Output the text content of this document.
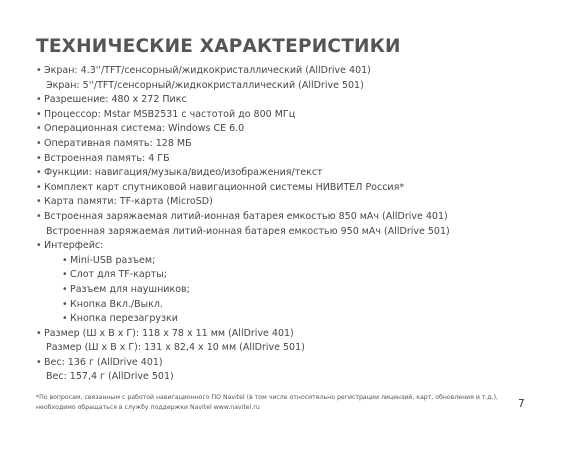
ТЕХНИЧЕСКИЕ ХАРАКТЕРИСТИКИ
• Экран: 4.3''/TFT/сенсорный/жидкокристаллический (AllDrive 401)
Экран: 5''/TFT/сенсорный/жидкокристаллический (AllDrive 501)
• Разрешение: 480 х 272 Пикс
• Процессор: Mstar MSB2531 с частотой до 800 МГц
• Операционная система: Windows CE 6.0
• Оперативная память: 128 МБ
• Встроенная память: 4 ГБ
• Функции: навигация/музыка/видео/изображения/текст
• Комплект карт спутниковой навигационной системы НИВИТЕЛ Россия*
• Карта памяти: TF-карта (MicroSD)
• Встроенная заряжаемая литий-ионная батарея емкостью 850 мАч (AllDrive 401)
Встроенная заряжаемая литий-ионная батарея емкостью 950 мАч (AllDrive 501)
• Интерфейс:
• Mini-USB разъем;
• Слот для TF-карты;
• Разъем для наушников;
• Кнопка Вкл./Выкл.
• Кнопка перезагрузки
• Размер (Ш х В х Г): 118 х 78 х 11 мм (AllDrive 401)
Размер (Ш х В х Г): 131 х 82,4 х 10 мм (AllDrive 501)
• Вес: 136 г (AllDrive 401)
Вес: 157,4 г (AllDrive 501)
*По вопросам, связанным с работой навигационного ПО Navitel (в том числе относительно регистрации лицензий, карт, обновления и т.д.),
необходимо обращаться в службу поддержки Navitel www.navitel.ru	7
